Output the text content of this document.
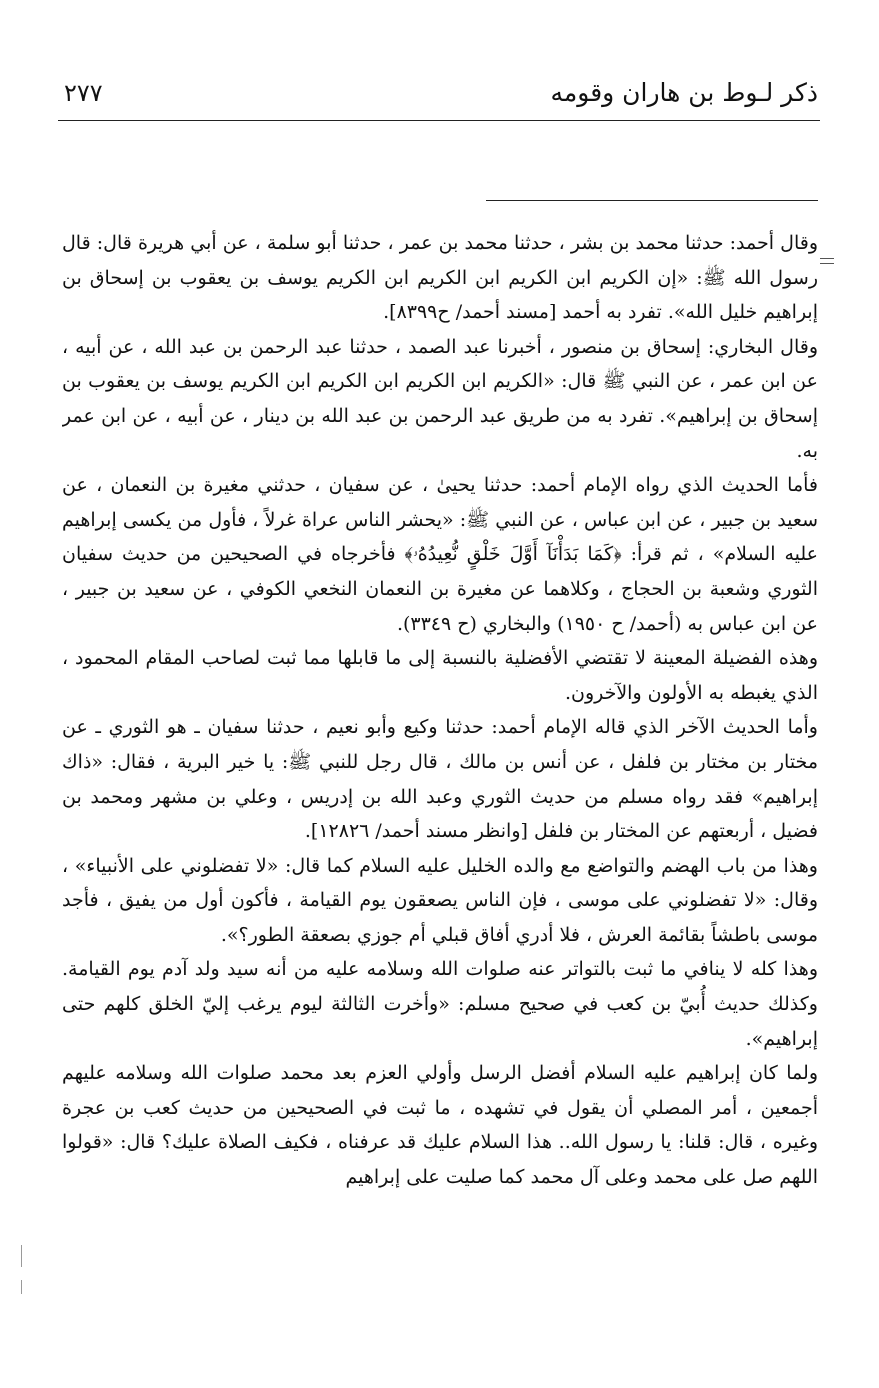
ذكر لـوط بن هاران وقومه
٢٧٧

وقال أحمد: حدثنا محمد بن بشر ، حدثنا محمد بن عمر ، حدثنا أبو سلمة ، عن أبي هريرة قال: قال رسول الله ﷺ: «إن الكريم ابن الكريم ابن الكريم ابن الكريم يوسف بن يعقوب بن إسحاق بن إبراهيم خليل الله». تفرد به أحمد [مسند أحمد/ ح٨٣٩٩].

وقال البخاري: إسحاق بن منصور ، أخبرنا عبد الصمد ، حدثنا عبد الرحمن بن عبد الله ، عن أبيه ، عن ابن عمر ، عن النبي ﷺ قال: «الكريم ابن الكريم ابن الكريم ابن الكريم يوسف بن يعقوب بن إسحاق بن إبراهيم». تفرد به من طريق عبد الرحمن بن عبد الله بن دينار ، عن أبيه ، عن ابن عمر به.

فأما الحديث الذي رواه الإمام أحمد: حدثنا يحيىٰ ، عن سفيان ، حدثني مغيرة بن النعمان ، عن سعيد بن جبير ، عن ابن عباس ، عن النبي ﷺ: «يحشر الناس عراة غرلاً ، فأول من يكسى إبراهيم عليه السلام» ، ثم قرأ: ﴿كَمَا بَدَأْنَآ أَوَّلَ خَلْقٍ نُّعِيدُهُۥ﴾ فأخرجاه في الصحيحين من حديث سفيان الثوري وشعبة بن الحجاج ، وكلاهما عن مغيرة بن النعمان النخعي الكوفي ، عن سعيد بن جبير ، عن ابن عباس به (أحمد/ ح ١٩٥٠) والبخاري (ح ٣٣٤٩).

وهذه الفضيلة المعينة لا تقتضي الأفضلية بالنسبة إلى ما قابلها مما ثبت لصاحب المقام المحمود ، الذي يغبطه به الأولون والآخرون.

وأما الحديث الآخر الذي قاله الإمام أحمد: حدثنا وكيع وأبو نعيم ، حدثنا سفيان ـ هو الثوري ـ عن مختار بن مختار بن فلفل ، عن أنس بن مالك ، قال رجل للنبي ﷺ: يا خير البرية ، فقال: «ذاك إبراهيم» فقد رواه مسلم من حديث الثوري وعبد الله بن إدريس ، وعلي بن مشهر ومحمد بن فضيل ، أربعتهم عن المختار بن فلفل [وانظر مسند أحمد/ ١٢٨٢٦].

وهذا من باب الهضم والتواضع مع والده الخليل عليه السلام كما قال: «لا تفضلوني على الأنبياء» ، وقال: «لا تفضلوني على موسى ، فإن الناس يصعقون يوم القيامة ، فأكون أول من يفيق ، فأجد موسى باطشاً بقائمة العرش ، فلا أدري أفاق قبلي أم جوزي بصعقة الطور؟».

وهذا كله لا ينافي ما ثبت بالتواتر عنه صلوات الله وسلامه عليه من أنه سيد ولد آدم يوم القيامة. وكذلك حديث أُبيّ بن كعب في صحيح مسلم: «وأخرت الثالثة ليوم يرغب إليّ الخلق كلهم حتى إبراهيم».

ولما كان إبراهيم عليه السلام أفضل الرسل وأولي العزم بعد محمد صلوات الله وسلامه عليهم أجمعين ، أمر المصلي أن يقول في تشهده ، ما ثبت في الصحيحين من حديث كعب بن عجرة وغيره ، قال: قلنا: يا رسول الله.. هذا السلام عليك قد عرفناه ، فكيف الصلاة عليك؟ قال: «قولوا اللهم صل على محمد وعلى آل محمد كما صليت على إبراهيم
